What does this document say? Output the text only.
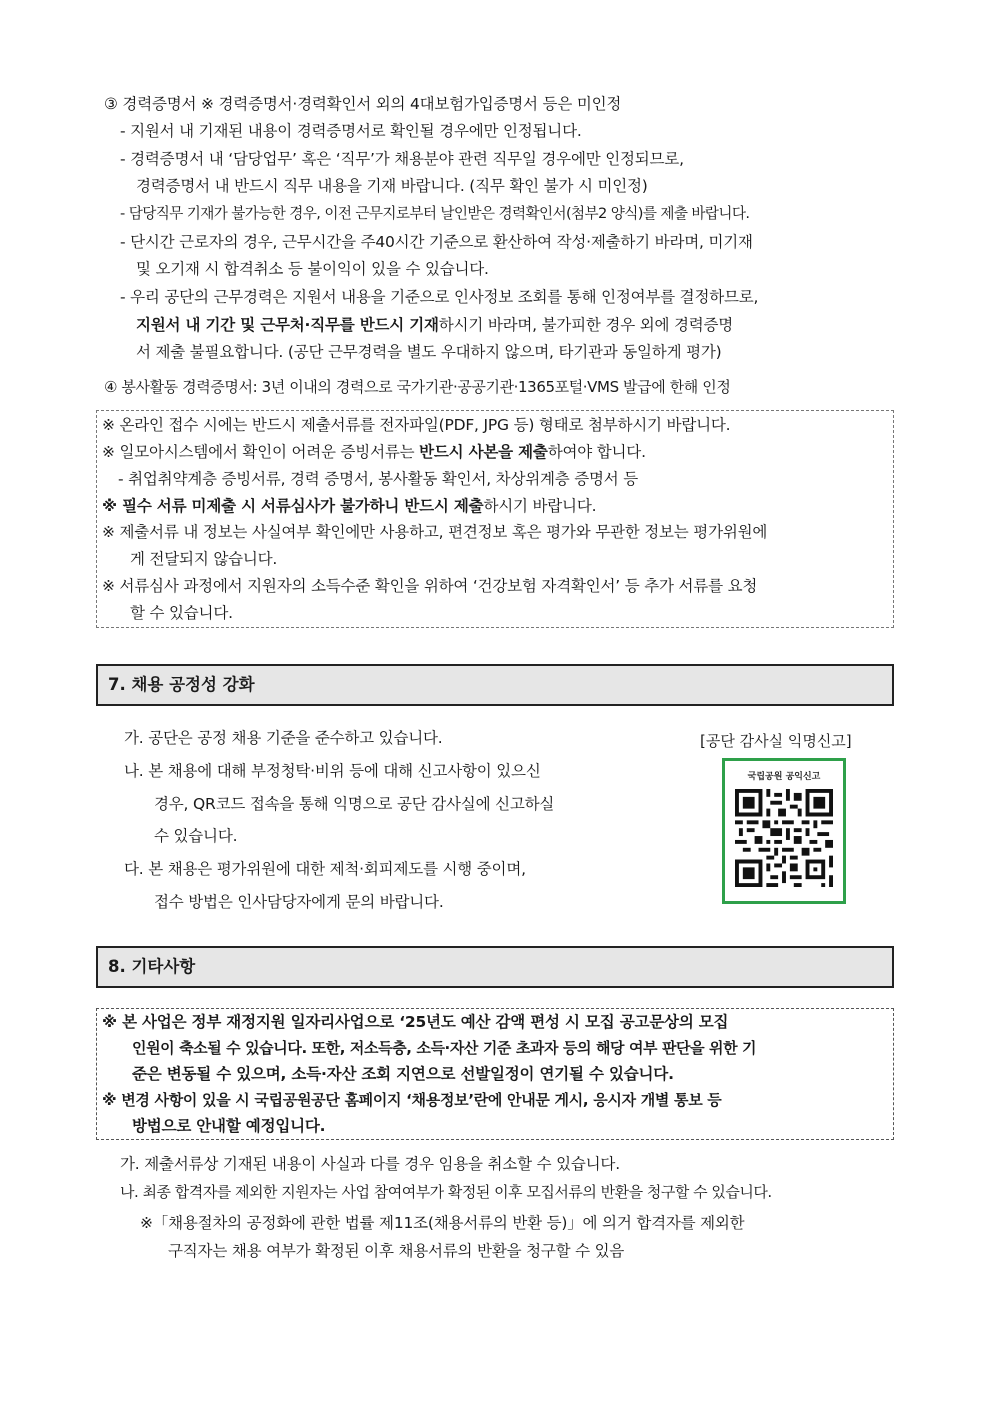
③ 경력증명서 ※ 경력증명서·경력확인서 외의 4대보험가입증명서 등은 미인정
- 지원서 내 기재된 내용이 경력증명서로 확인될 경우에만 인정됩니다.
- 경력증명서 내 ‘담당업무’ 혹은 ‘직무’가 채용분야 관련 직무일 경우에만 인정되므로,
경력증명서 내 반드시 직무 내용을 기재 바랍니다. (직무 확인 불가 시 미인정)
- 담당직무 기재가 불가능한 경우, 이전 근무지로부터 날인받은 경력확인서(첨부2 양식)를 제출 바랍니다.
- 단시간 근로자의 경우, 근무시간을 주40시간 기준으로 환산하여 작성·제출하기 바라며, 미기재
및 오기재 시 합격취소 등 불이익이 있을 수 있습니다.
- 우리 공단의 근무경력은 지원서 내용을 기준으로 인사정보 조회를 통해 인정여부를 결정하므로,
지원서 내 기간 및 근무처·직무를 반드시 기재하시기 바라며, 불가피한 경우 외에 경력증명
서 제출 불필요합니다. (공단 근무경력을 별도 우대하지 않으며, 타기관과 동일하게 평가)
④ 봉사활동 경력증명서: 3년 이내의 경력으로 국가기관·공공기관·1365포털·VMS 발급에 한해 인정
※ 온라인 접수 시에는 반드시 제출서류를 전자파일(PDF, JPG 등) 형태로 첨부하시기 바랍니다.
※ 일모아시스템에서 확인이 어려운 증빙서류는 반드시 사본을 제출하여야 합니다.
- 취업취약계층 증빙서류, 경력 증명서, 봉사활동 확인서, 차상위계층 증명서 등
※ 필수 서류 미제출 시 서류심사가 불가하니 반드시 제출하시기 바랍니다.
※ 제출서류 내 정보는 사실여부 확인에만 사용하고, 편견정보 혹은 평가와 무관한 정보는 평가위원에
게 전달되지 않습니다.
※ 서류심사 과정에서 지원자의 소득수준 확인을 위하여 ‘건강보험 자격확인서’ 등 추가 서류를 요청
할 수 있습니다.
7. 채용 공정성 강화
가. 공단은 공정 채용 기준을 준수하고 있습니다.
나. 본 채용에 대해 부정청탁·비위 등에 대해 신고사항이 있으신
경우, QR코드 접속을 통해 익명으로 공단 감사실에 신고하실
수 있습니다.
다. 본 채용은 평가위원에 대한 제척·회피제도를 시행 중이며,
접수 방법은 인사담당자에게 문의 바랍니다.
[공단 감사실 익명신고]
국립공원 공익신고
8. 기타사항
※ 본 사업은 정부 재정지원 일자리사업으로 ‘25년도 예산 감액 편성 시 모집 공고문상의 모집
인원이 축소될 수 있습니다. 또한, 저소득층, 소득·자산 기준 초과자 등의 해당 여부 판단을 위한 기
준은 변동될 수 있으며, 소득·자산 조회 지연으로 선발일정이 연기될 수 있습니다.
※ 변경 사항이 있을 시 국립공원공단 홈페이지 ‘채용정보’란에 안내문 게시, 응시자 개별 통보 등
방법으로 안내할 예정입니다.
가. 제출서류상 기재된 내용이 사실과 다를 경우 임용을 취소할 수 있습니다.
나. 최종 합격자를 제외한 지원자는 사업 참여여부가 확정된 이후 모집서류의 반환을 청구할 수 있습니다.
※「채용절차의 공정화에 관한 법률 제11조(채용서류의 반환 등)」에 의거 합격자를 제외한
구직자는 채용 여부가 확정된 이후 채용서류의 반환을 청구할 수 있음
